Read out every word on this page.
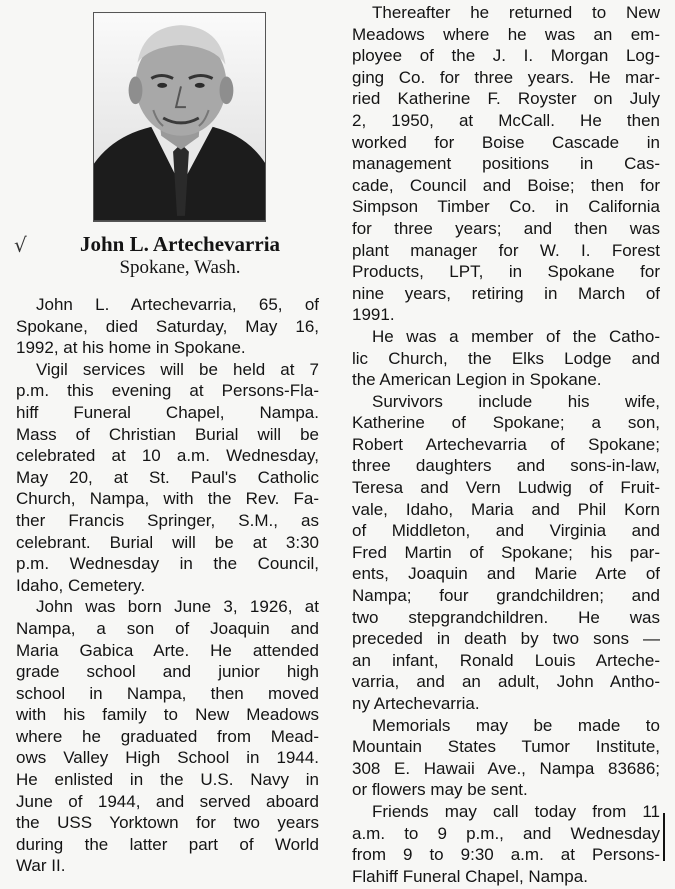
√	John L. Artechevarria

Spokane, Wash.

John L. Artechevarria, 65, of

Spokane, died Saturday, May 16,

1992, at his home in Spokane.

Vigil services will be held at 7

p.m. this evening at Persons-Fla-

hiff Funeral Chapel, Nampa.

Mass of Christian Burial will be

celebrated at 10 a.m. Wednesday,

May 20, at St. Paul's Catholic

Church, Nampa, with the Rev. Fa-

ther Francis Springer, S.M., as

celebrant. Burial will be at 3:30

p.m. Wednesday in the Council,

Idaho, Cemetery.

John was born June 3, 1926, at

Nampa, a son of Joaquin and

Maria Gabica Arte. He attended

grade school and junior high

school in Nampa, then moved

with his family to New Meadows

where he graduated from Mead-

ows Valley High School in 1944.

He enlisted in the U.S. Navy in

June of 1944, and served aboard

the USS Yorktown for two years

during the latter part of World

War II.

Thereafter he returned to New

Meadows where he was an em-

ployee of the J. I. Morgan Log-

ging Co. for three years. He mar-

ried Katherine F. Royster on July

2, 1950, at McCall. He then

worked for Boise Cascade in

management positions in Cas-

cade, Council and Boise; then for

Simpson Timber Co. in California

for three years; and then was

plant manager for W. I. Forest

Products, LPT, in Spokane for

nine years, retiring in March of

1991.

He was a member of the Catho-

lic Church, the Elks Lodge and

the American Legion in Spokane.

Survivors include his wife,

Katherine of Spokane; a son,

Robert Artechevarria of Spokane;

three daughters and sons-in-law,

Teresa and Vern Ludwig of Fruit-

vale, Idaho, Maria and Phil Korn

of Middleton, and Virginia and

Fred Martin of Spokane; his par-

ents, Joaquin and Marie Arte of

Nampa; four grandchildren; and

two stepgrandchildren. He was

preceded in death by two sons —

an infant, Ronald Louis Arteche-

varria, and an adult, John Antho-

ny Artechevarria.

Memorials may be made to

Mountain States Tumor Institute,

308 E. Hawaii Ave., Nampa 83686;

or flowers may be sent.

Friends may call today from 11

a.m. to 9 p.m., and Wednesday

from 9 to 9:30 a.m. at Persons-

Flahiff Funeral Chapel, Nampa.
